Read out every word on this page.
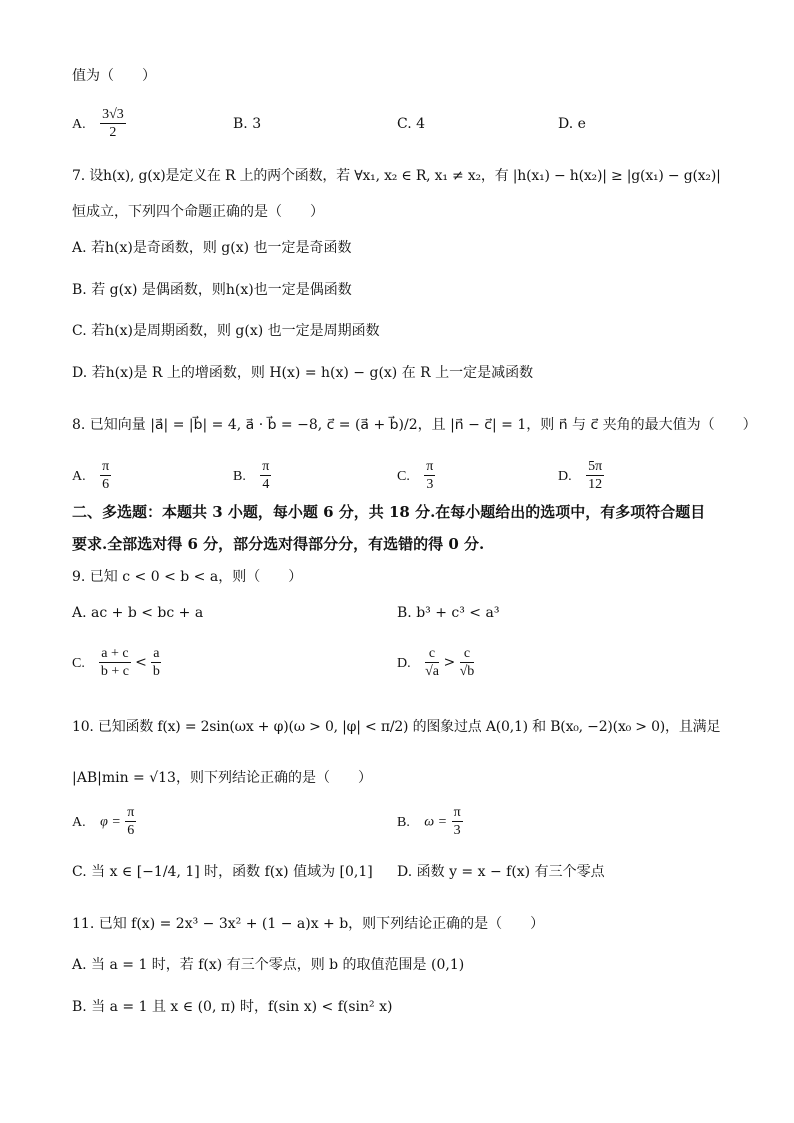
值为（　　）
A. $\frac{3√3}{2}$	B. 3	C. 4	D. e
7. 设h(x), g(x)是定义在 R 上的两个函数，若 ∀x₁, x₂ ∈ R, x₁ ≠ x₂，有 |h(x₁) − h(x₂)| ≥ |g(x₁) − g(x₂)|
恒成立，下列四个命题正确的是（　　）
A. 若h(x)是奇函数，则 g(x) 也一定是奇函数
B. 若 g(x) 是偶函数，则h(x)也一定是偶函数
C. 若h(x)是周期函数，则 g(x) 也一定是周期函数
D. 若h(x)是 R 上的增函数，则 H(x) = h(x) − g(x) 在 R 上一定是减函数
8. 已知向量 |a⃗| = |b⃗| = 4, a⃗ · b⃗ = −8, c⃗ = (a⃗ + b⃗)/2，且 |n⃗ − c⃗| = 1，则 n⃗ 与 c⃗ 夹角的最大值为（　　）
A. $\frac{\pi}{6}$	B. $\frac{\pi}{4}$	C. $\frac{\pi}{3}$	D. $\frac{5\pi}{12}$
二、多选题：本题共 3 小题，每小题 6 分，共 18 分.在每小题给出的选项中，有多项符合题目
要求.全部选对得 6 分，部分选对得部分分，有选错的得 0 分.
9. 已知 c < 0 < b < a，则（　　）
A. ac + b < bc + a	B. b³ + c³ < a³
C. $\frac{a + c}{b + c} < \frac{a}{b}$	D. $\frac{c}{√a} > \frac{c}{√b}$
10. 已知函数 f(x) = 2sin(ωx + φ)(ω > 0, |φ| < π/2) 的图象过点 A(0,1) 和 B(x₀, −2)(x₀ > 0)，且满足
|AB|min = √13，则下列结论正确的是（　　）
A. $\varphi = \frac{\pi}{6}$	B. $\omega = \frac{\pi}{3}$
C. 当 x ∈ [−1/4, 1] 时，函数 f(x) 值域为 [0,1] D. 函数 y = x − f(x) 有三个零点
11. 已知 f(x) = 2x³ − 3x² + (1 − a)x + b，则下列结论正确的是（　　）
A. 当 a = 1 时，若 f(x) 有三个零点，则 b 的取值范围是 (0,1)
B. 当 a = 1 且 x ∈ (0, π) 时，f(sin x) < f(sin² x)
